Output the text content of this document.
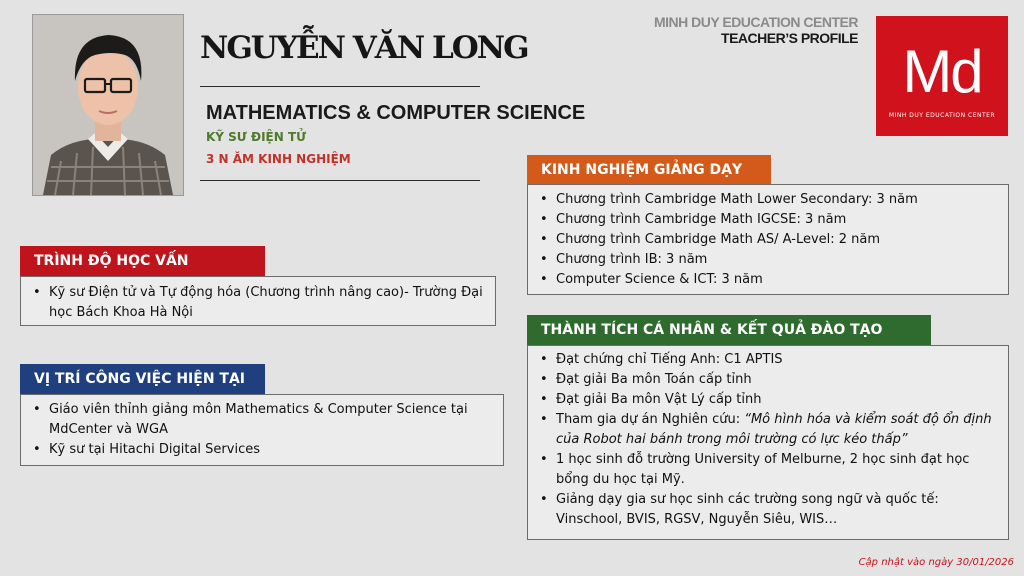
NGUYỄN VĂN LONG
MATHEMATICS & COMPUTER SCIENCE
KỸ SƯ ĐIỆN TỬ
3 N ĂM KINH NGHIỆM
MINH DUY EDUCATION CENTER
TEACHER’S PROFILE Md
MINH DUY EDUCATION CENTER
TRÌNH ĐỘ HỌC VẤN
• Kỹ sư Điện tử và Tự động hóa (Chương trình nâng cao)- Trường Đại học Bách Khoa Hà Nội
VỊ TRÍ CÔNG VIỆC HIỆN TẠI
• Giáo viên thỉnh giảng môn Mathematics & Computer Science tại MdCenter và WGA
• Kỹ sư tại Hitachi Digital Services
KINH NGHIỆM GIẢNG DẠY
• Chương trình Cambridge Math Lower Secondary: 3 năm
• Chương trình Cambridge Math IGCSE: 3 năm
• Chương trình Cambridge Math AS/ A-Level: 2 năm
• Chương trình IB: 3 năm
• Computer Science & ICT: 3 năm
THÀNH TÍCH CÁ NHÂN & KẾT QUẢ ĐÀO TẠO
• Đạt chứng chỉ Tiếng Anh: C1 APTIS
• Đạt giải Ba môn Toán cấp tỉnh
• Đạt giải Ba môn Vật Lý cấp tỉnh
• Tham gia dự án Nghiên cứu: “Mô hình hóa và kiểm soát độ ổn định của Robot hai bánh trong môi trường có lực kéo thấp”
• 1 học sinh đỗ trường University of Melburne, 2 học sinh đạt học bổng du học tại Mỹ.
• Giảng dạy gia sư học sinh các trường song ngữ và quốc tế: Vinschool, BVIS, RGSV, Nguyễn Siêu, WIS…
Cập nhật vào ngày 30/01/2026
